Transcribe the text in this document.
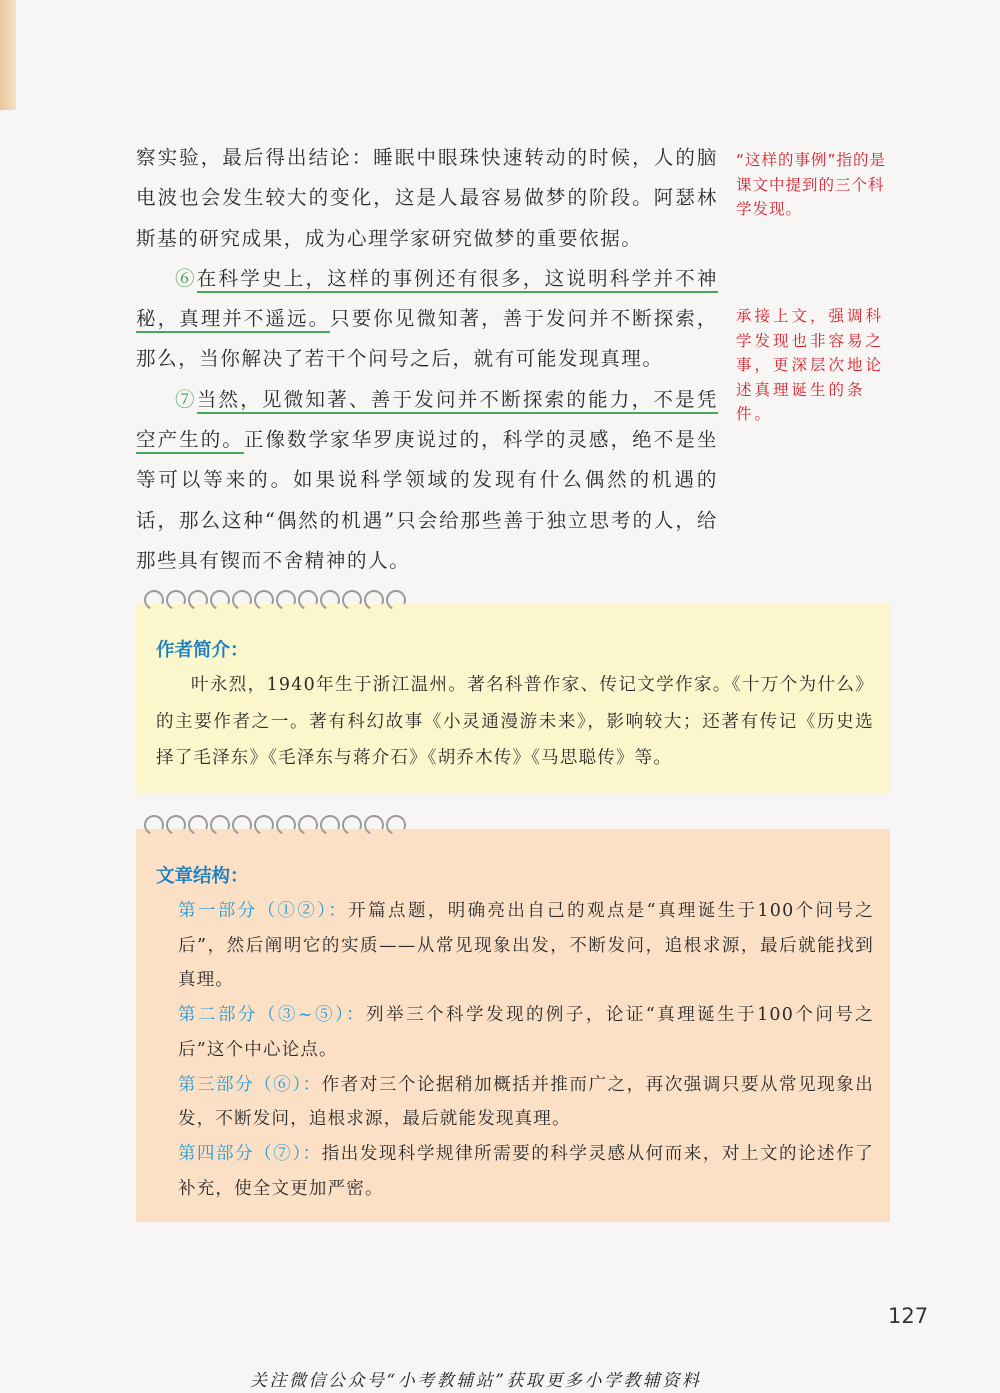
察实验，最后得出结论：睡眠中眼珠快速转动的时候，人的脑电波也会发生较大的变化，这是人最容易做梦的阶段。阿瑟林斯基的研究成果，成为心理学家研究做梦的重要依据。

⑥在科学史上，这样的事例还有很多，这说明科学并不神秘，真理并不遥远。只要你见微知著，善于发问并不断探索，那么，当你解决了若干个问号之后，就有可能发现真理。

⑦当然，见微知著、善于发问并不断探索的能力，不是凭空产生的。正像数学家华罗庚说过的，科学的灵感，绝不是坐等可以等来的。如果说科学领域的发现有什么偶然的机遇的话，那么这种“偶然的机遇”只会给那些善于独立思考的人，给那些具有锲而不舍精神的人。

“这样的事例”指的是课文中提到的三个科学发现。
承接上文，强调科学发现也非容易之事，更深层次地论述真理诞生的条件。
作者简介：
叶永烈，1940年生于浙江温州。著名科普作家、传记文学作家。《十万个为什么》的主要作者之一。著有科幻故事《小灵通漫游未来》，影响较大；还著有传记《历史选择了毛泽东》《毛泽东与蒋介石》《胡乔木传》《马思聪传》等。
文章结构：

第一部分（①②）：开篇点题，明确亮出自己的观点是“真理诞生于100个问号之后”，然后阐明它的实质——从常见现象出发，不断发问，追根求源，最后就能找到真理。

第二部分（③~⑤）：列举三个科学发现的例子，论证“真理诞生于100个问号之后”这个中心论点。

第三部分（⑥）：作者对三个论据稍加概括并推而广之，再次强调只要从常见现象出发，不断发问，追根求源，最后就能发现真理。

第四部分（⑦）：指出发现科学规律所需要的科学灵感从何而来，对上文的论述作了补充，使全文更加严密。

127
关注微信公众号“小考教辅站”获取更多小学教辅资料
